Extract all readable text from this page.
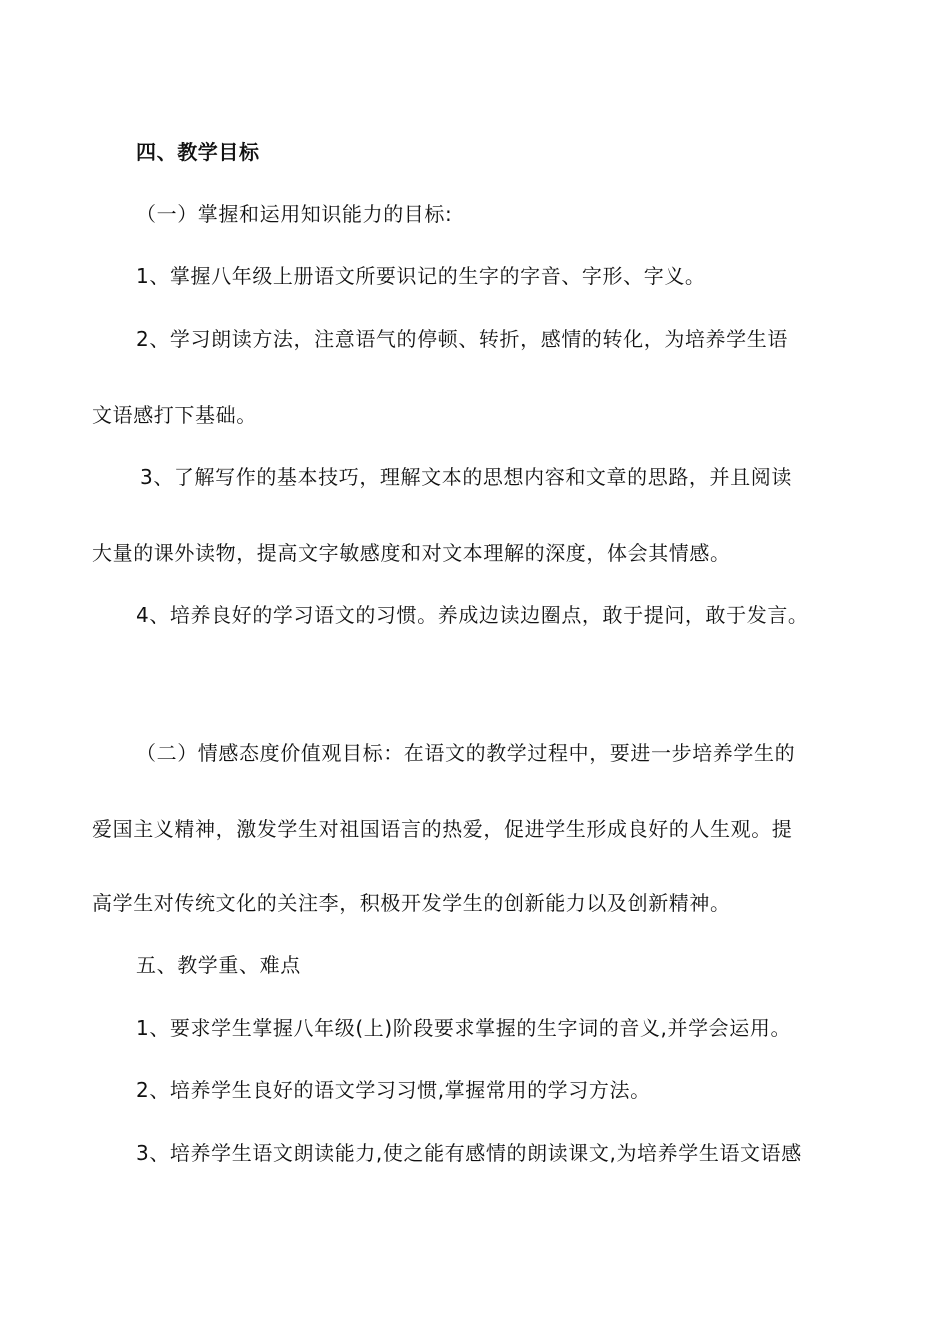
四、教学目标
（一）掌握和运用知识能力的目标:
1、掌握八年级上册语文所要识记的生字的字音、字形、字义。
2、学习朗读方法，注意语气的停顿、转折，感情的转化，为培养学生语
文语感打下基础。
3、了解写作的基本技巧，理解文本的思想内容和文章的思路，并且阅读
大量的课外读物，提高文字敏感度和对文本理解的深度，体会其情感。
4、培养良好的学习语文的习惯。养成边读边圈点，敢于提问，敢于发言。
（二）情感态度价值观目标：在语文的教学过程中，要进一步培养学生的
爱国主义精神，激发学生对祖国语言的热爱，促进学生形成良好的人生观。提
高学生对传统文化的关注李，积极开发学生的创新能力以及创新精神。
五、教学重、难点
1、要求学生掌握八年级(上)阶段要求掌握的生字词的音义,并学会运用。
2、培养学生良好的语文学习习惯,掌握常用的学习方法。
3、培养学生语文朗读能力,使之能有感情的朗读课文,为培养学生语文语感
